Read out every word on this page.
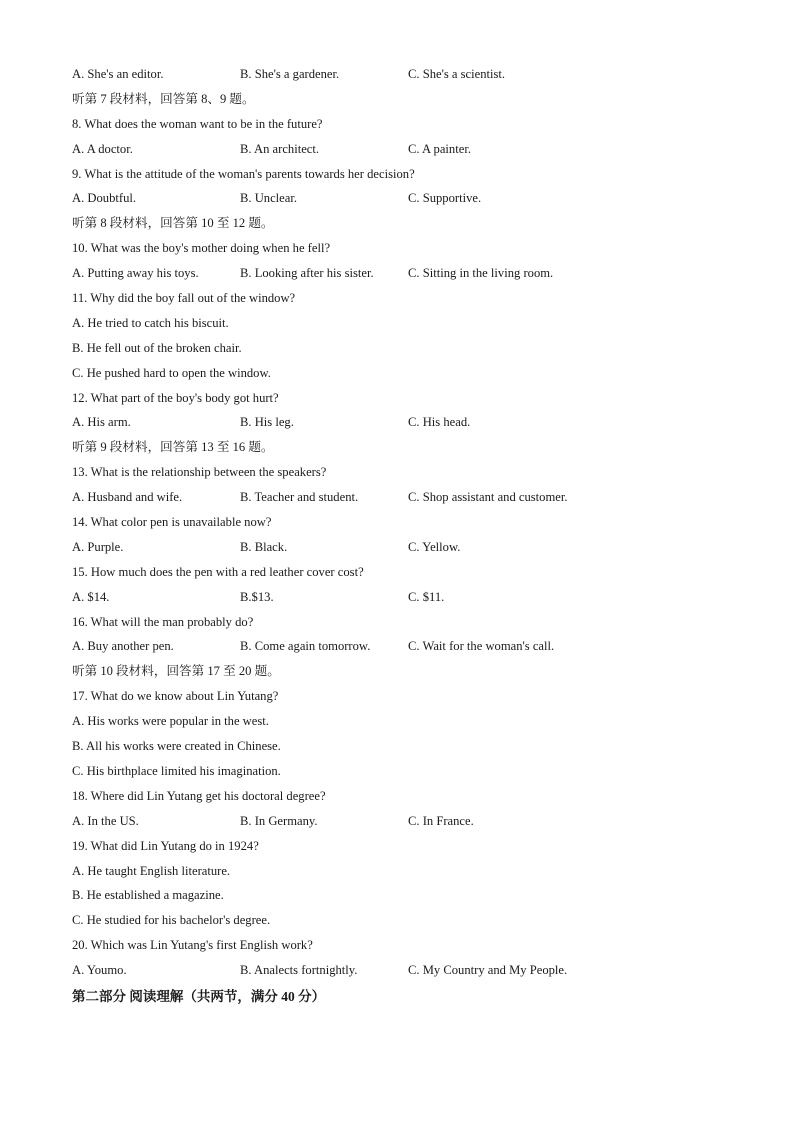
A. She's an editor.	B. She's a gardener.	C. She's a scientist.
听第 7 段材料，回答第 8、9 题。
8. What does the woman want to be in the future?
A. A doctor.	B. An architect.	C. A painter.
9. What is the attitude of the woman's parents towards her decision?
A. Doubtful.	B. Unclear.	C. Supportive.
听第 8 段材料，回答第 10 至 12 题。
10. What was the boy's mother doing when he fell?
A. Putting away his toys.	B. Looking after his sister.	C. Sitting in the living room.
11. Why did the boy fall out of the window?
A. He tried to catch his biscuit.
B. He fell out of the broken chair.
C. He pushed hard to open the window.
12. What part of the boy's body got hurt?
A. His arm.	B. His leg.	C. His head.
听第 9 段材料，回答第 13 至 16 题。
13. What is the relationship between the speakers?
A. Husband and wife.	B. Teacher and student.	C. Shop assistant and customer.
14. What color pen is unavailable now?
A. Purple.	B. Black.	C. Yellow.
15. How much does the pen with a red leather cover cost?
A. $14.	B.$13.	C. $11.
16. What will the man probably do?
A. Buy another pen.	B. Come again tomorrow.	C. Wait for the woman's call.
听第 10 段材料，回答第 17 至 20 题。
17. What do we know about Lin Yutang?
A. His works were popular in the west.
B. All his works were created in Chinese.
C. His birthplace limited his imagination.
18. Where did Lin Yutang get his doctoral degree?
A. In the US.	B. In Germany.	C. In France.
19. What did Lin Yutang do in 1924?
A. He taught English literature.
B. He established a magazine.
C. He studied for his bachelor's degree.
20. Which was Lin Yutang's first English work?
A. Youmo.	B. Analects fortnightly.	C. My Country and My People.
第二部分 阅读理解（共两节，满分 40 分）
